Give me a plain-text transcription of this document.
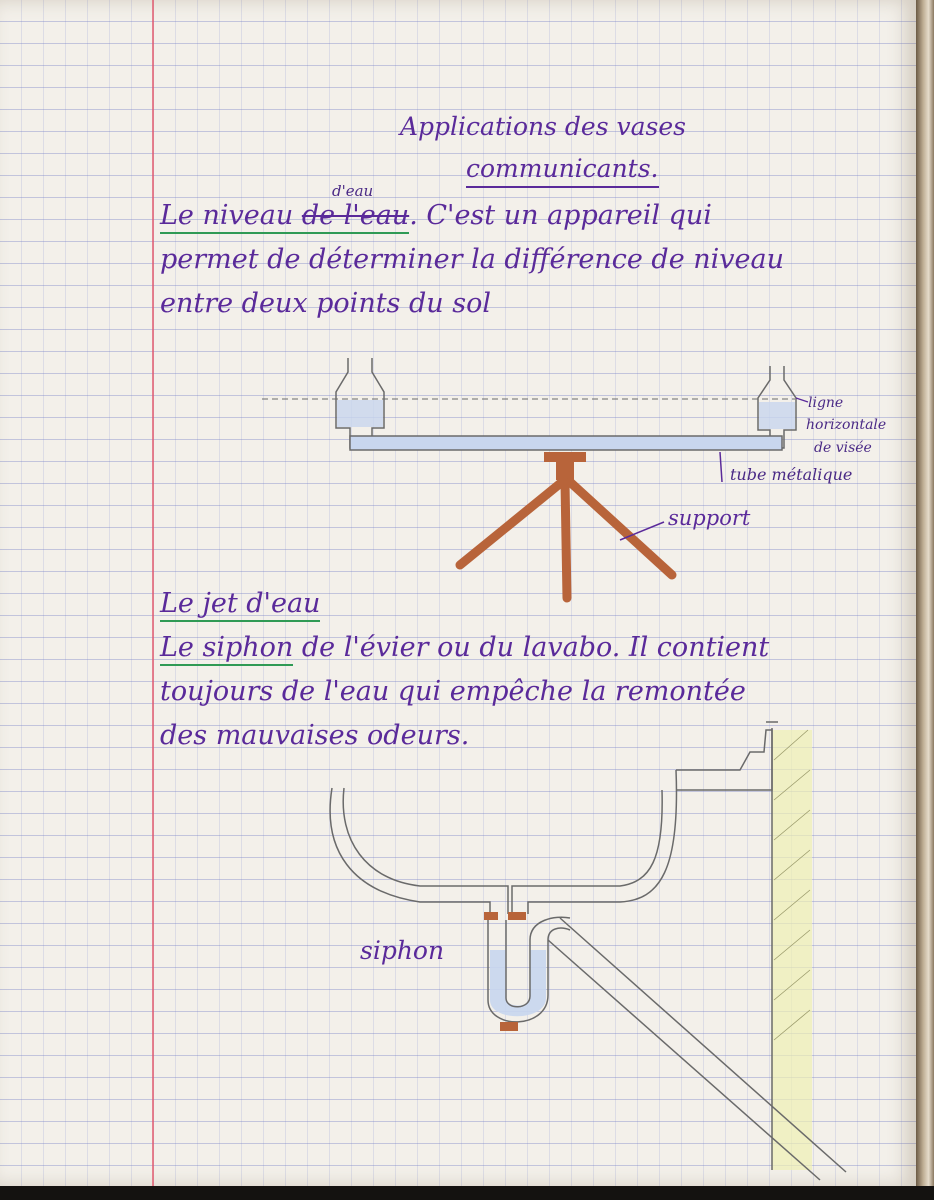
Applications des vases

communicants.

d'eau

Le niveau de l'eau. C'est un appareil qui

permet de déterminer la différence de niveau

entre deux points du sol

ligne

horizontale

de visée

tube métalique

support

Le jet d'eau

Le siphon de l'évier ou du lavabo. Il contient

toujours de l'eau qui empêche la remontée

des mauvaises odeurs.

siphon
